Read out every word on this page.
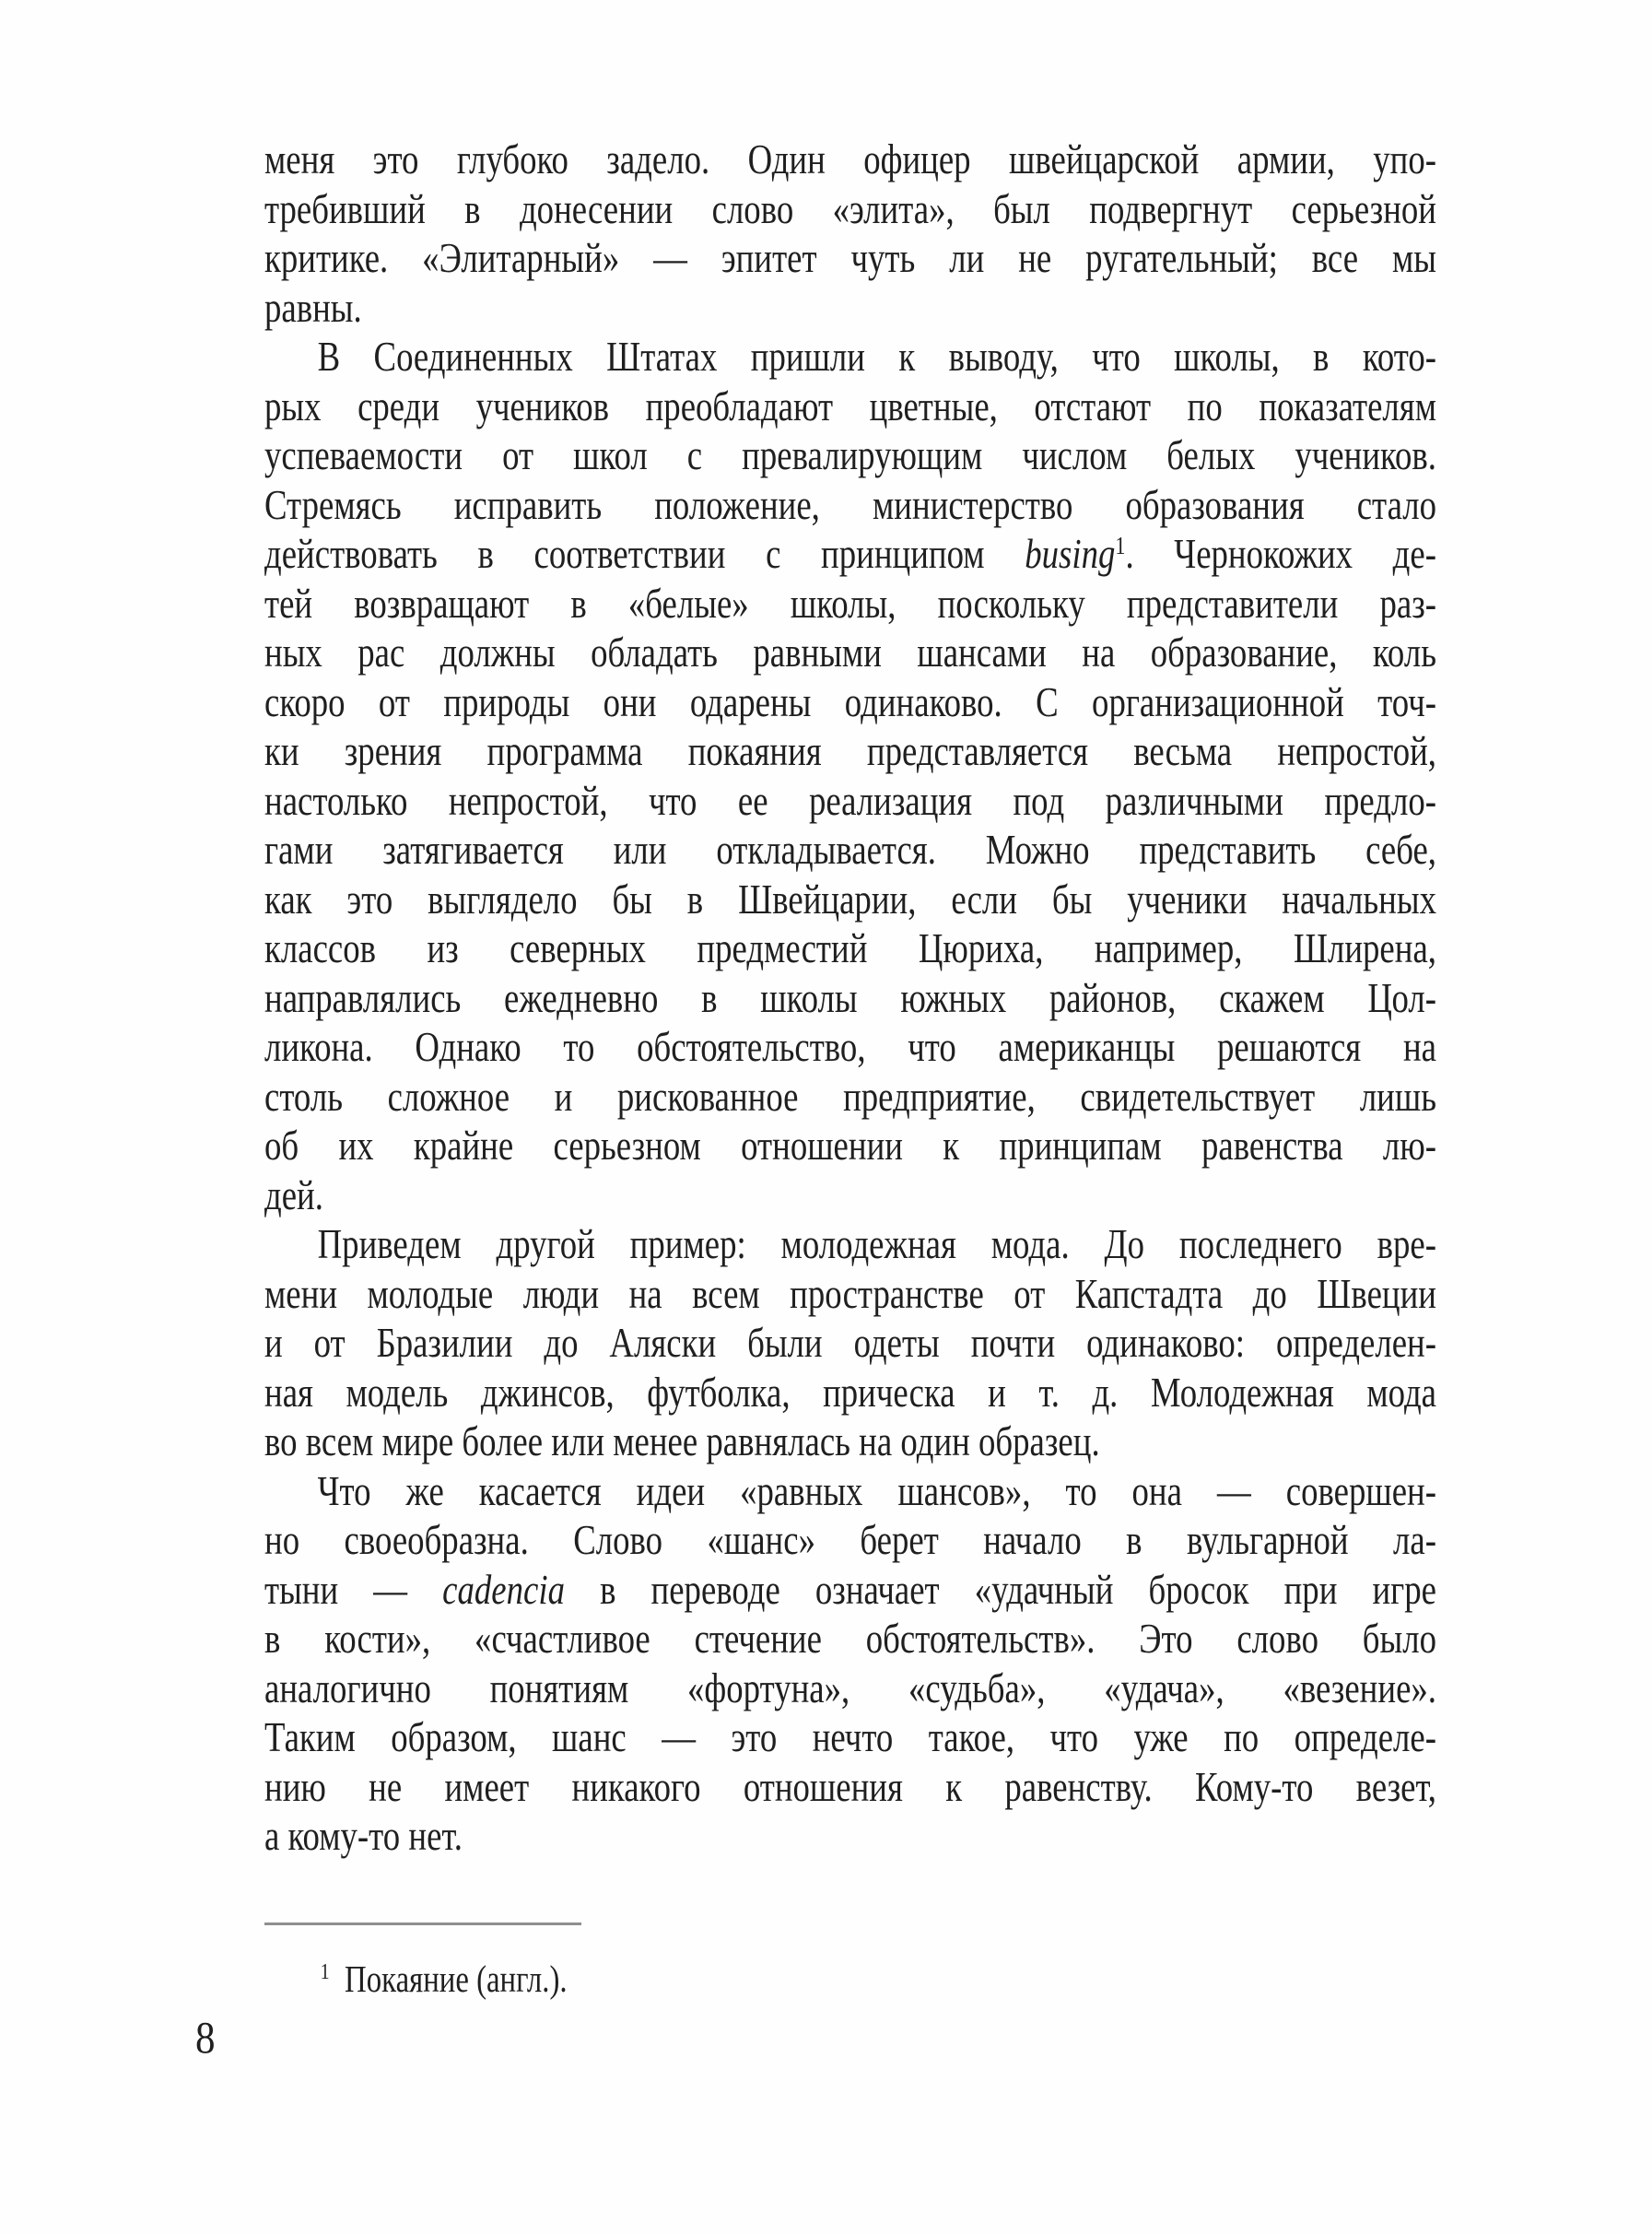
меня это глубоко задело. Один офицер швейцарской армии, упо-
требивший в донесении слово «элита», был подвергнут серьезной
критике. «Элитарный» — эпитет чуть ли не ругательный; все мы
равны.
В Соединенных Штатах пришли к выводу, что школы, в кото-
рых среди учеников преобладают цветные, отстают по показателям
успеваемости от школ с превалирующим числом белых учеников.
Стремясь исправить положение, министерство образования стало
действовать в соответствии с принципом busing$^1$. Чернокожих де-
тей возвращают в «белые» школы, поскольку представители раз-
ных рас должны обладать равными шансами на образование, коль
скоро от природы они одарены одинаково. С организационной точ-
ки зрения программа покаяния представляется весьма непростой,
настолько непростой, что ее реализация под различными предло-
гами затягивается или откладывается. Можно представить себе,
как это выглядело бы в Швейцарии, если бы ученики начальных
классов из северных предместий Цюриха, например, Шлирена,
направлялись ежедневно в школы южных районов, скажем Цол-
ликона. Однако то обстоятельство, что американцы решаются на
столь сложное и рискованное предприятие, свидетельствует лишь
об их крайне серьезном отношении к принципам равенства лю-
дей.
Приведем другой пример: молодежная мода. До последнего вре-
мени молодые люди на всем пространстве от Капстадта до Швеции
и от Бразилии до Аляски были одеты почти одинаково: определен-
ная модель джинсов, футболка, прическа и т. д. Молодежная мода
во всем мире более или менее равнялась на один образец.
Что же касается идеи «равных шансов», то она — совершен-
но своеобразна. Слово «шанс» берет начало в вульгарной ла-
тыни — cadencia в переводе означает «удачный бросок при игре
в кости», «счастливое стечение обстоятельств». Это слово было
аналогично понятиям «фортуна», «судьба», «удача», «везение».
Таким образом, шанс — это нечто такое, что уже по определе-
нию не имеет никакого отношения к равенству. Кому-то везет,
а кому-то нет.
$^1$  Покаяние (англ.).
8
